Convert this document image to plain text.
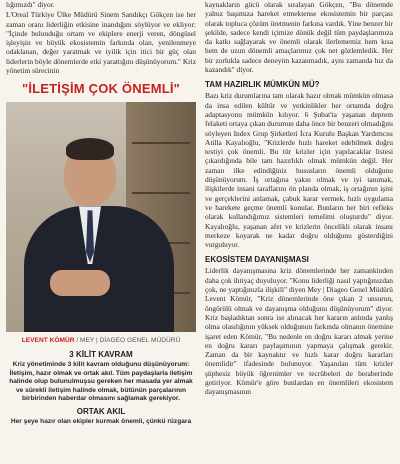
lığımızdı" diyor.

L'Oreal Türkiye Ülke Müdürü Sinem Sandıkçı Gökçen ise her zaman oranı liderliğin etkisine inandığını söylüyor ve ekliyor: "İçinde bulunduğu ortam ve ekiplere enerji veren, döngüsel işleyişin ve büyük ekosistemin farkında olan, yenilenmeye odaklanan, değer yaratmak ve iyilik için itici bir güç olan liderlerin böyle dönemlerde etki yarattığını düşünüyorum." Kriz yönetim sürecinin

"İLETİŞİM ÇOK ÖNEMLİ"
LEVENT KÖMÜR / MEY | DİAGEO GENEL MÜDÜRÜ
3 KİLİT KAVRAM

Kriz yönetiminde 3 kilit kavram olduğunu düşünüyorum: İletişim, hazır olmak ve ortak akıl. Tüm paydaşlarla iletişim halinde olup bulunulmuşsu gereken her masada yer almak ve sürekli iletişim halinde olmak, bütünün parçalarının birbirinden haberdar olmasını sağlamak gerekiyor.

ORTAK AKIL

Her şeye hazır olan ekipler kurmak önemli, çünkü rüzgara

kaynakların gücü olarak sıralayan Gökçen, "Bu dönemde yalnız başımıza hareket etmektense ekosistemin bir parçası olarak topluca çözüm üretmenin farkına vardık. Yine benzer bir şekilde, sadece kendi içimize dönük değil tüm paydaşlarımıza da katkı sağlayarak ve önemli olarak ilerlememiz hem kısa hem de uzun dönemli amaçlarımız çok net gözlemledik. Her bir zorlukla sadece deneyim kazanmadık, aynı zamanda hız da kazandık" diyor.

TAM HAZIRLIK MÜMKÜN MÜ?

Bazı kriz durumlarına tam olarak hazır olmak mümkün olmasa da insa edilen kültür ve yetkinlikler her ortamda doğru adaptasyonu mümkün kılıyor. 6 Şubat'ta yaşanan deprem felaketi ortaya çıkan durumun daha önce bir benzeri olmadığını söyleyen Index Grup Şirketleri İcra Kurulu Başkan Yardımcısı Atilla Kayalıoğlu, "Krizlerde hızlı hareket edebilmek doğru testiyi çok önemli. Bu tür krizler için yapılacaklar listesi çıkardığında bile tam hazırlıklı olmak mümkün değil. Her zaman ilke edindiğiniz hususların önemli olduğunu düşünüyorum. İş ortağına yakın olmak ve iyi tanımak, ilişkilerde insani taraflarını ön planda olmak, iş ortağının işini ve gerçeklerini anlamak, çabuk karar vermek, hızlı uygulama ve harekete geçme önemli konular. Bunların her biri refleks olarak kullandığımız sistemleri temelimi oluşturdu" diyor. Kayalıoğlu, yaşanan afet ve krizlerin öncelikli olarak insanı merkeze koyarak ne kadar doğru olduğunu gösterdiğini vurguluyor.

EKOSİSTEM DAYANIŞMASI

Liderlik dayanışmasına kriz dönemlerinde her zamankinden daha çok ihtiyaç duyuluyor. "Konu liderliği nasıl yaptığınızdan çok, ne yaptığınızla ilişkili" diyen Mey | Diageo Genel Müdürü Levent Kömür, "Kriz dönemlerinde öne çıkan 2 unsurun, öngörülü olmak ve dayanışma olduğunu düşünüyorum" diyor. Kriz başladıktan sonra ise alınacak her kararın anlında yanlış olma olasılığının yüksek olduğunun farkında olmanın önemine işaret eden Kömür, "Bu nedenle en doğru kararı almak yerine en doğru kararı paylaşımının yapmaya çalışmak gerekir. Zaman da bir kaynaktır ve hızlı karar doğru kararları önemlidir" ifadesinde bulunuyor. Yaşanılan tüm krizler şüphesiz büyük öğrenimler ve tecrübeleri de beraberinde getiriyor. Kömür'e göre bunlardan en önemlileri ekosistem dayanışmasının
